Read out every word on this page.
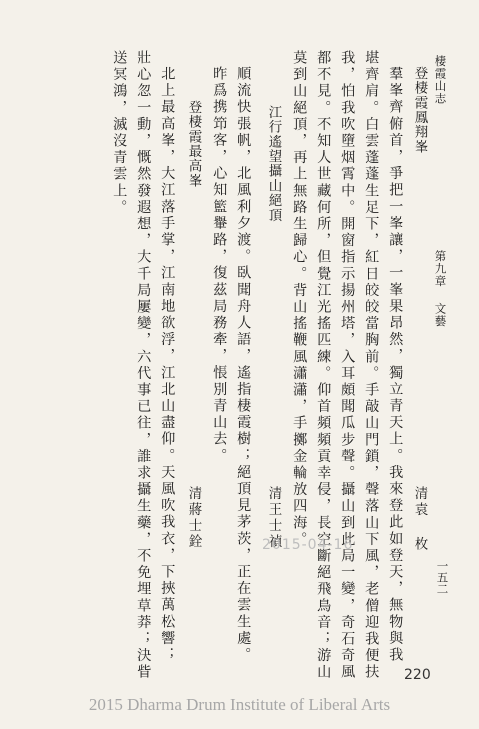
棲霞山志
第九章 文藝
一五二
登棲霞鳳翔峯
清袁 枚
羣峯齊俯首，爭把一峯讓，一峯果昂然，獨立青天上。我來登此如登天，無物與我
堪齊肩。白雲蓬蓬生足下，紅日皎皎當胸前。手敲山門鎖，聲落山下風，老僧迎我便扶
我，怕我吹墮烟霄中。開窗指示揚州塔，入耳頗聞瓜步聲。攝山到此局一變，奇石奇風
都不見。不知人世藏何所，但覺江光搖匹練。仰首頻頻貢幸侵，長空斷絕飛鳥音；游山
莫到山絕頂，再上無路生歸心。背山搖鞭風瀟瀟，手擲金輪放四海。
江行遙望攝山絕頂
清王士禎
順流快張帆，北風利夕渡。臥聞舟人語，遙指棲霞樹；絕頂見茅茨，正在雲生處。
昨爲携笻客，心知籃轝路，復茲局務牽，悵別青山去。
登棲霞最高峯
清蔣士銓
北上最高峯，大江落手掌，江南地欲浮，江北山盡仰。天風吹我衣，下挾萬松響；
壯心忽一動，慨然發遐想，大千局屢變，六代事已往，誰求攝生藥，不免埋草莽；決眥
送冥鴻，滅沒青雲上。
2015-04-16
220
2015 Dharma Drum Institute of Liberal Arts
